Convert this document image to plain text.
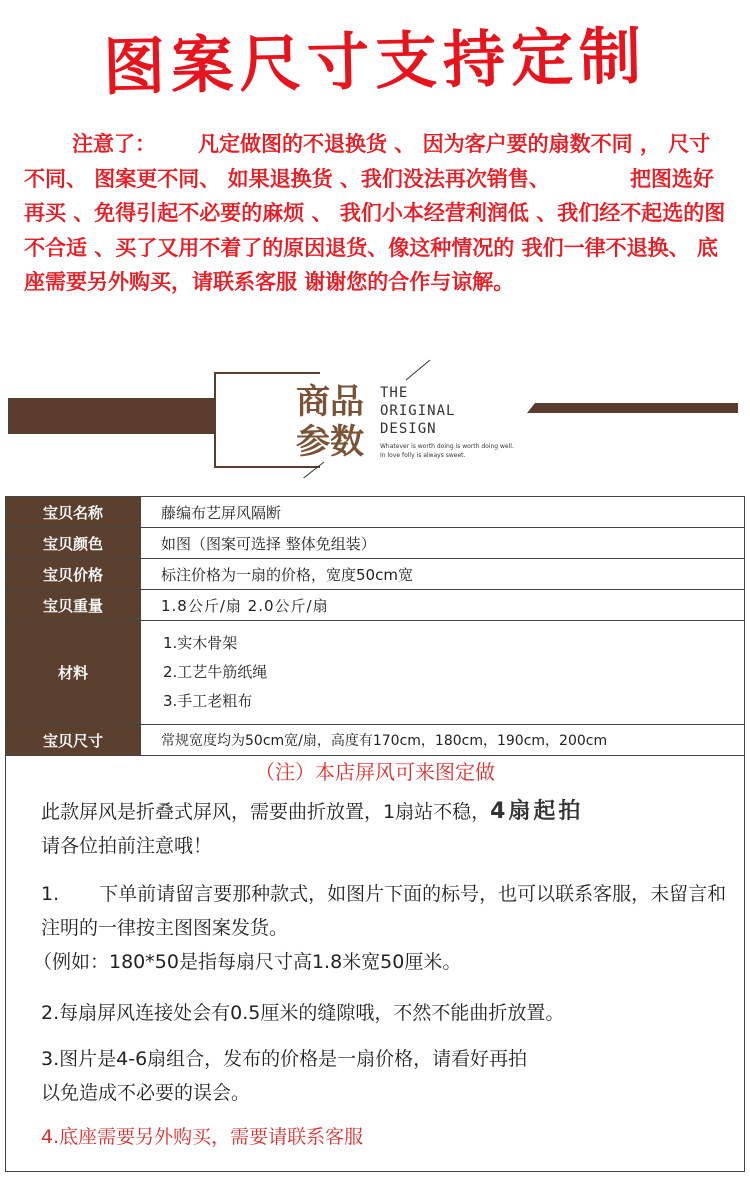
图案尺寸支持定制
注意了： 凡定做图的不退换货 、 因为客户要的扇数不同 ， 尺寸不同、 图案更不同、 如果退换货 、我们没法再次销售、	把图选好再买 、免得引起不必要的麻烦 、 我们小本经营利润低 、我们经不起选的图不合适 、买了又用不着了的原因退货、像这种情况的 我们一律不退换、 底座需要另外购买，请联系客服 谢谢您的合作与谅解。
商品
参数
THE
ORIGINAL
DESIGN
Whatever is worth doing is worth doing well.
In love folly is always sweet.
宝贝名称	藤编布艺屏风隔断
宝贝颜色	如图（图案可选择 整体免组装）
宝贝价格	标注价格为一扇的价格，宽度50cm宽
宝贝重量	1.8公斤/扇 2.0公斤/扇
材料	1.实木骨架
2.工艺牛筋纸绳
3.手工老粗布

宝贝尺寸	常规宽度均为50cm宽/扇，高度有170cm，180cm，190cm，200cm
（注）本店屏风可来图定做
此款屏风是折叠式屏风，需要曲折放置，1扇站不稳，4扇起拍
请各位拍前注意哦！
1. 下单前请留言要那种款式，如图片下面的标号，也可以联系客服，未留言和注明的一律按主图图案发货。
（例如：180*50是指每扇尺寸高1.8米宽50厘米。
2.每扇屏风连接处会有0.5厘米的缝隙哦，不然不能曲折放置。
3.图片是4-6扇组合，发布的价格是一扇价格，请看好再拍
以免造成不必要的误会。
4.底座需要另外购买，需要请联系客服
